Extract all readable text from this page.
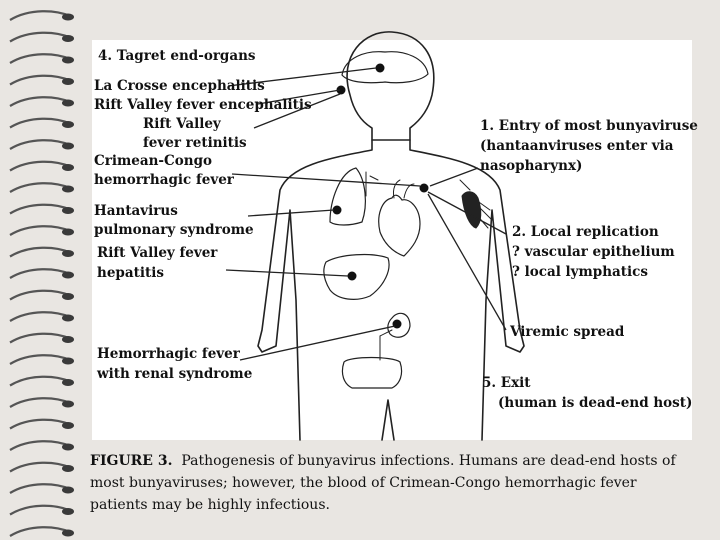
4. Tagret end-organs
La Crosse encephalitis
Rift Valley fever encephalitis
Rift Valley
fever retinitis
Crimean-Congo
hemorrhagic fever
Hantavirus
pulmonary syndrome
Rift Valley fever
hepatitis
Hemorrhagic fever
with renal syndrome
1. Entry of most bunyaviruse
(hantaanviruses enter via
nasopharynx)
2. Local replication
? vascular epithelium
? local lymphatics
Viremic spread
5. Exit
(human is dead-end host)
FIGURE 3. Pathogenesis of bunyavirus infections. Humans are dead-end hosts of most bunyaviruses; however, the blood of Crimean-Congo hemorrhagic fever patients may be highly infectious.
